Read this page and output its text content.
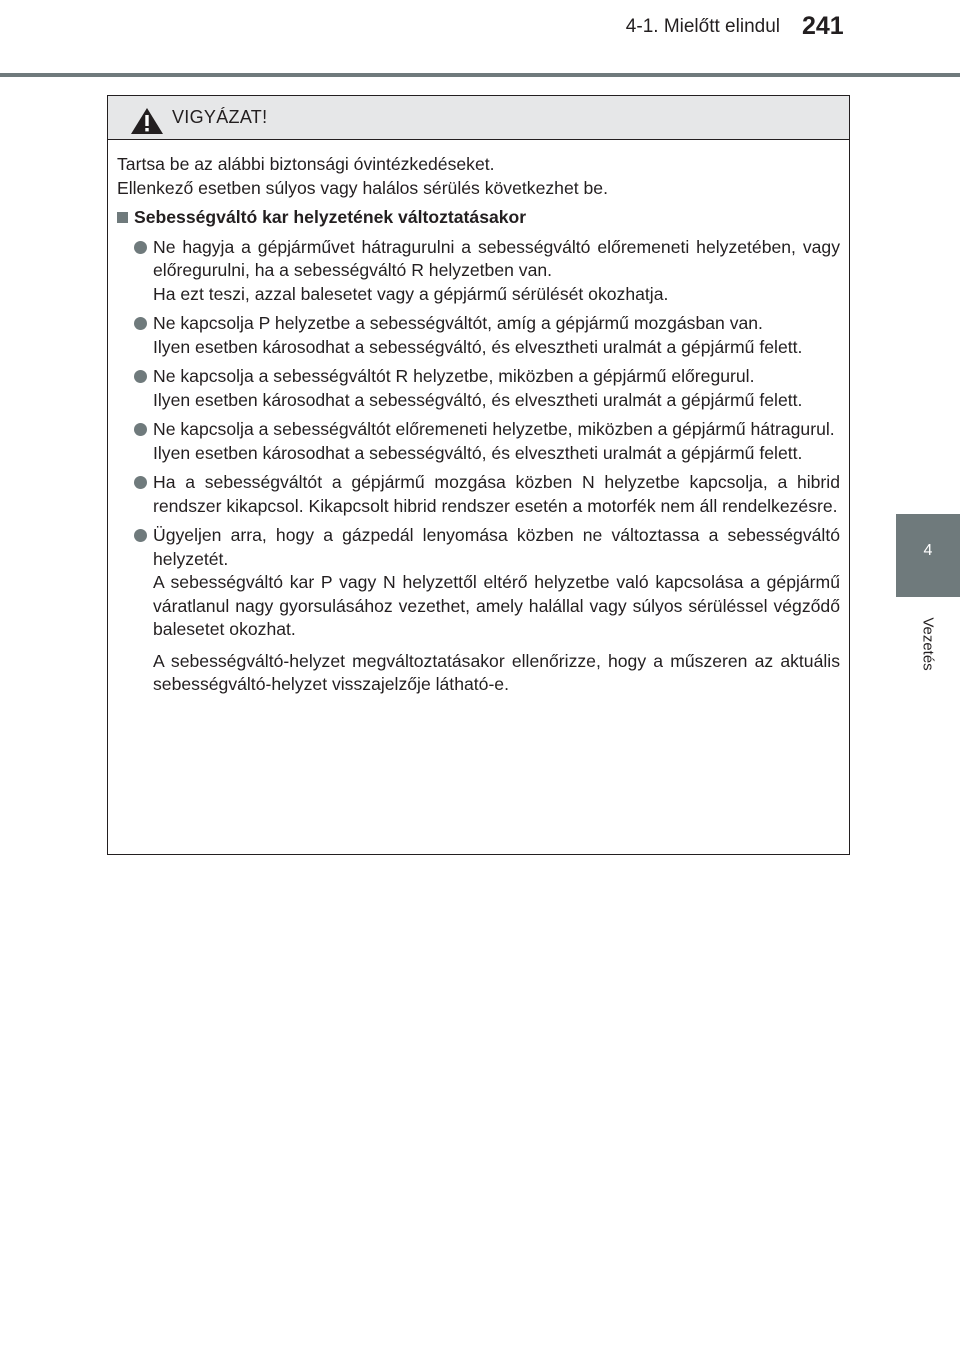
4-1. Mielőtt elindul 241
4
Vezetés
VIGYÁZAT!

Tartsa be az alábbi biztonsági óvintézkedéseket.

Ellenkező esetben súlyos vagy halálos sérülés következhet be.

Sebességváltó kar helyzetének változtatásakor

Ne hagyja a gépjárművet hátragurulni a sebességváltó előremeneti helyzetében, vagy előregurulni, ha a sebességváltó R helyzetben van.

Ha ezt teszi, azzal balesetet vagy a gépjármű sérülését okozhatja.

Ne kapcsolja P helyzetbe a sebességváltót, amíg a gépjármű mozgásban van.

Ilyen esetben károsodhat a sebességváltó, és elvesztheti uralmát a gépjármű felett.

Ne kapcsolja a sebességváltót R helyzetbe, miközben a gépjármű előregurul.

Ilyen esetben károsodhat a sebességváltó, és elvesztheti uralmát a gépjármű felett.

Ne kapcsolja a sebességváltót előremeneti helyzetbe, miközben a gépjármű hátragurul.

Ilyen esetben károsodhat a sebességváltó, és elvesztheti uralmát a gépjármű felett.

Ha a sebességváltót a gépjármű mozgása közben N helyzetbe kapcsolja, a hibrid rendszer kikapcsol. Kikapcsolt hibrid rendszer esetén a motorfék nem áll rendelkezésre.

Ügyeljen arra, hogy a gázpedál lenyomása közben ne változtassa a sebességváltó helyzetét.

A sebességváltó kar P vagy N helyzettől eltérő helyzetbe való kapcsolása a gépjármű váratlanul nagy gyorsulásához vezethet, amely halállal vagy súlyos sérüléssel végződő balesetet okozhat.

A sebességváltó-helyzet megváltoztatásakor ellenőrizze, hogy a műszeren az aktuális sebességváltó-helyzet visszajelzője látható-e.
